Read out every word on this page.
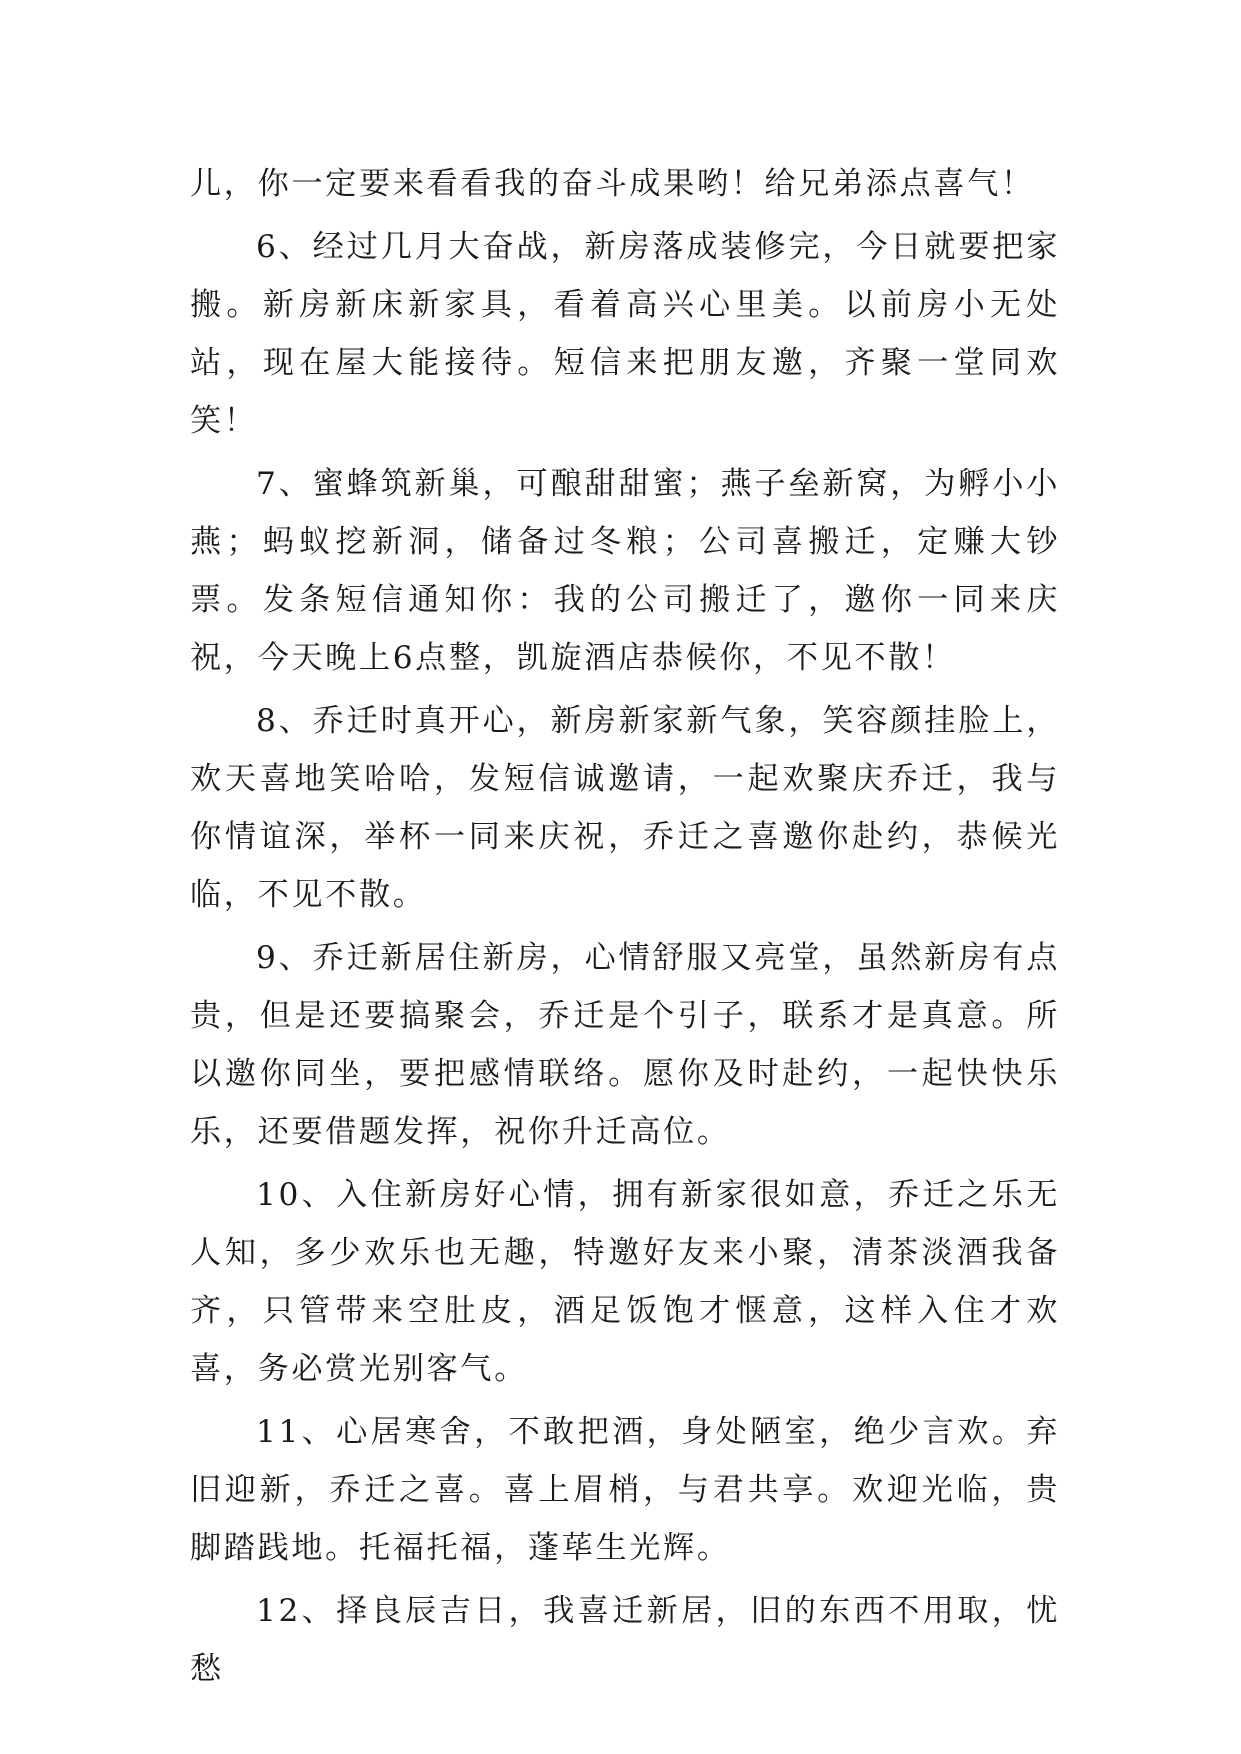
儿，你一定要来看看我的奋斗成果哟！给兄弟添点喜气！

6、经过几月大奋战，新房落成装修完，今日就要把家搬。新房新床新家具，看着高兴心里美。以前房小无处站，现在屋大能接待。短信来把朋友邀，齐聚一堂同欢笑！

7、蜜蜂筑新巢，可酿甜甜蜜；燕子垒新窝，为孵小小燕；蚂蚁挖新洞，储备过冬粮；公司喜搬迁，定赚大钞票。发条短信通知你：我的公司搬迁了，邀你一同来庆祝，今天晚上6点整，凯旋酒店恭候你，不见不散！

8、乔迁时真开心，新房新家新气象，笑容颜挂脸上，欢天喜地笑哈哈，发短信诚邀请，一起欢聚庆乔迁，我与你情谊深，举杯一同来庆祝，乔迁之喜邀你赴约，恭候光临，不见不散。

9、乔迁新居住新房，心情舒服又亮堂，虽然新房有点贵，但是还要搞聚会，乔迁是个引子，联系才是真意。所以邀你同坐，要把感情联络。愿你及时赴约，一起快快乐乐，还要借题发挥，祝你升迁高位。

10、入住新房好心情，拥有新家很如意，乔迁之乐无人知，多少欢乐也无趣，特邀好友来小聚，清茶淡酒我备齐，只管带来空肚皮，酒足饭饱才惬意，这样入住才欢喜，务必赏光别客气。

11、心居寒舍，不敢把酒，身处陋室，绝少言欢。弃旧迎新，乔迁之喜。喜上眉梢，与君共享。欢迎光临，贵脚踏践地。托福托福，蓬荜生光辉。

12、择良辰吉日，我喜迁新居，旧的东西不用取，忧愁
